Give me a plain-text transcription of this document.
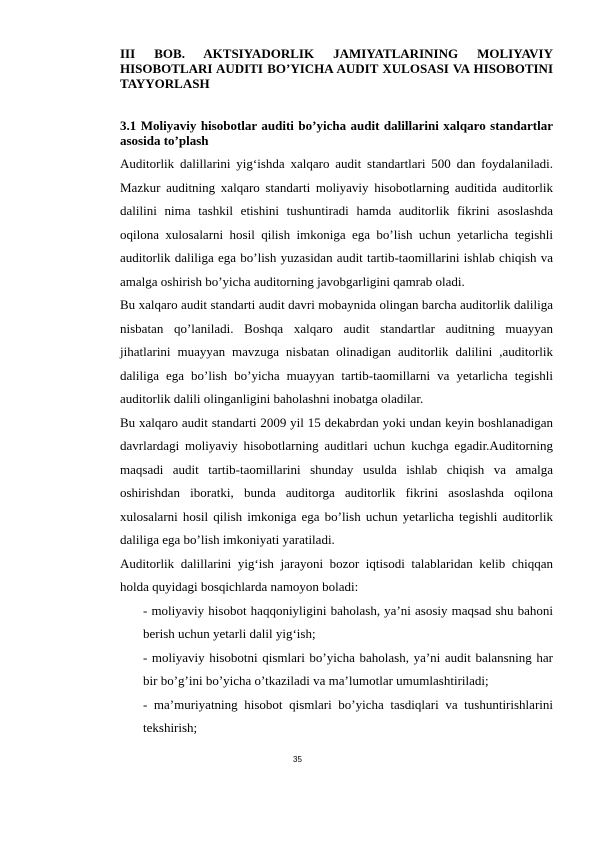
III BOB. AKTSIYADORLIK JAMIYATLARINING MOLIYAVIY HISOBOTLARI AUDITI BO’YICHA AUDIT XULOSASI VA HISOBOTINI TAYYORLASH
3.1 Moliyaviy hisobotlar auditi bo’yicha audit dalillarini xalqaro standartlar asosida to’plash

Auditorlik dalillarini yig‘ishda xalqaro audit standartlari 500 dan foydalaniladi. Mazkur auditning xalqaro standarti moliyaviy hisobotlarning auditida auditorlik dalilini nima tashkil etishini tushuntiradi hamda auditorlik fikrini asoslashda oqilona xulosalarni hosil qilish imkoniga ega bo’lish uchun yetarlicha tegishli auditorlik daliliga ega bo’lish yuzasidan audit tartib-taomillarini ishlab chiqish va amalga oshirish bo’yicha auditorning javobgarligini qamrab oladi.

Bu xalqaro audit standarti audit davri mobaynida olingan barcha auditorlik daliliga nisbatan qo’laniladi. Boshqa xalqaro audit standartlar auditning muayyan jihatlarini muayyan mavzuga nisbatan olinadigan auditorlik dalilini ,auditorlik daliliga ega bo’lish bo’yicha muayyan tartib-taomillarni va yetarlicha tegishli auditorlik dalili olinganligini baholashni inobatga oladilar.

Bu xalqaro audit standarti 2009 yil 15 dekabrdan yoki undan keyin boshlanadigan davrlardagi moliyaviy hisobotlarning auditlari uchun kuchga egadir.Auditorning maqsadi audit tartib-taomillarini shunday usulda ishlab chiqish va amalga oshirishdan iboratki, bunda auditorga auditorlik fikrini asoslashda oqilona xulosalarni hosil qilish imkoniga ega bo’lish uchun yetarlicha tegishli auditorlik daliliga ega bo’lish imkoniyati yaratiladi.

Auditorlik dalillarini yig‘ish jarayoni bozor iqtisodi talablaridan kelib chiqqan holda quyidagi bosqichlarda namoyon boladi:

- moliyaviy hisobot haqqoniyligini baholash, ya’ni asosiy maqsad shu bahoni berish uchun yetarli dalil yig‘ish;
- moliyaviy hisobotni qismlari bo’yicha baholash, ya’ni audit balansning har bir bo’g’ini bo’yicha o’tkaziladi va ma’lumotlar umumlashtiriladi;
- ma’muriyatning hisobot qismlari bo’yicha tasdiqlari va tushuntirishlarini tekshirish;
35
